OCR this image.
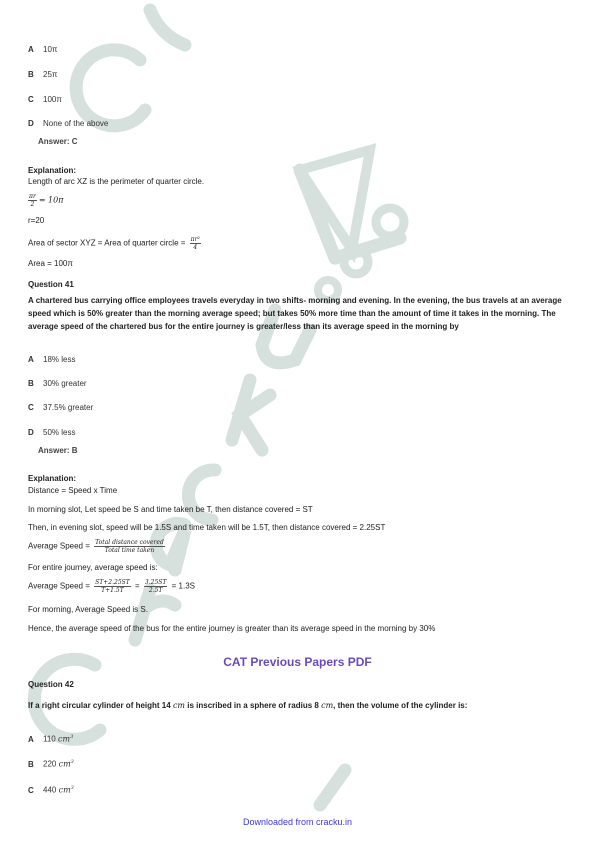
A 10π
B 25π
C 100π
D None of the above
Answer: C
Explanation:
Length of arc XZ is the perimeter of quarter circle.
$\frac{\pi r}{2} = 10\pi$
r=20
Area of sector XYZ = Area of quarter circle = $\frac{\text{πr²}}{4}$
Area = 100π
Question 41
A chartered bus carrying office employees travels everyday in two shifts- morning and evening. In the evening, the bus travels at an average speed which is 50% greater than the morning average speed; but takes 50% more time than the amount of time it takes in the morning. The average speed of the chartered bus for the entire journey is greater/less than its average speed in the morning by
A 18% less
B 30% greater
C 37.5% greater
D 50% less
Answer: B
Explanation:
Distance = Speed x Time
In morning slot, Let speed be S and time taken be T, then distance covered = ST
Then, in evening slot, speed will be 1.5S and time taken will be 1.5T, then distance covered = 2.25ST
Average Speed = $\frac{\text{Total distance covered}}{\text{Total time taken}}$
For entire journey, average speed is:
Average Speed = $\frac{ST+2.25ST}{T+1.5T} = \frac{3.25ST}{2.5T} = 1.3S$
For morning, Average Speed is S.
Hence, the average speed of the bus for the entire journey is greater than its average speed in the morning by 30%
CAT Previous Papers PDF
Question 42
If a right circular cylinder of height 14 cm is inscribed in a sphere of radius 8 cm, then the volume of the cylinder is:
A 110 $cm^3$
B 220 $cm^3$
C 440 $cm^3$
Downloaded from cracku.in
